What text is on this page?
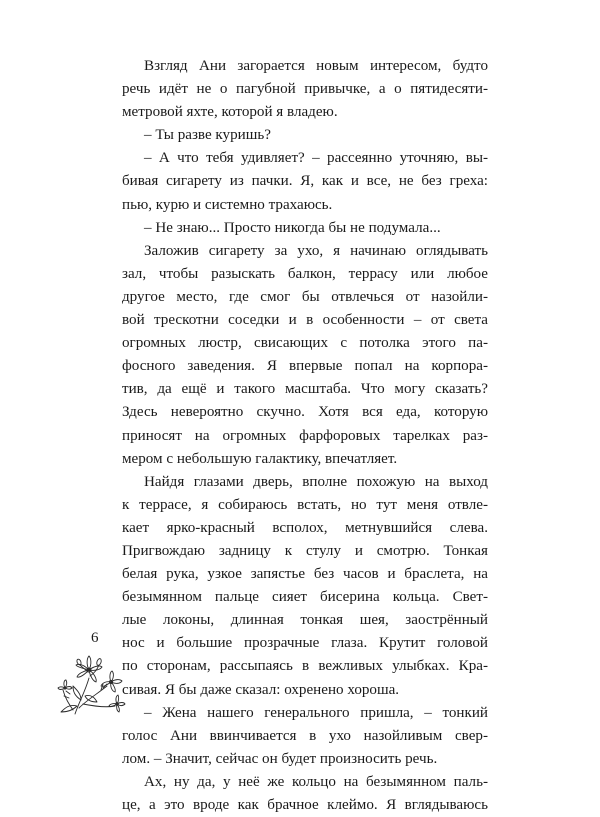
Взгляд Ани загорается новым интересом, будто
речь идёт не о пагубной привычке, а о пятидесяти-
метровой яхте, которой я владею.
– Ты разве куришь?
– А что тебя удивляет? – рассеянно уточняю, вы-
бивая сигарету из пачки. Я, как и все, не без греха:
пью, курю и системно трахаюсь.
– Не знаю... Просто никогда бы не подумала...
Заложив сигарету за ухо, я начинаю оглядывать
зал, чтобы разыскать балкон, террасу или любое
другое место, где смог бы отвлечься от назойли-
вой трескотни соседки и в особенности – от света
огромных люстр, свисающих с потолка этого па-
фосного заведения. Я впервые попал на корпора-
тив, да ещё и такого масштаба. Что могу сказать?
Здесь невероятно скучно. Хотя вся еда, которую
приносят на огромных фарфоровых тарелках раз-
мером с небольшую галактику, впечатляет.
Найдя глазами дверь, вполне похожую на выход
к террасе, я собираюсь встать, но тут меня отвле-
кает ярко-красный всполох, метнувшийся слева.
Пригвождаю задницу к стулу и смотрю. Тонкая
белая рука, узкое запястье без часов и браслета, на
безымянном пальце сияет бисерина кольца. Свет-
лые локоны, длинная тонкая шея, заострённый
нос и большие прозрачные глаза. Крутит головой
по сторонам, рассыпаясь в вежливых улыбках. Кра-
сивая. Я бы даже сказал: охренено хороша.
– Жена нашего генерального пришла, – тонкий
голос Ани ввинчивается в ухо назойливым свер-
лом. – Значит, сейчас он будет произносить речь.
Ах, ну да, у неё же кольцо на безымянном паль-
це, а это вроде как брачное клеймо. Я вглядываюсь
6
